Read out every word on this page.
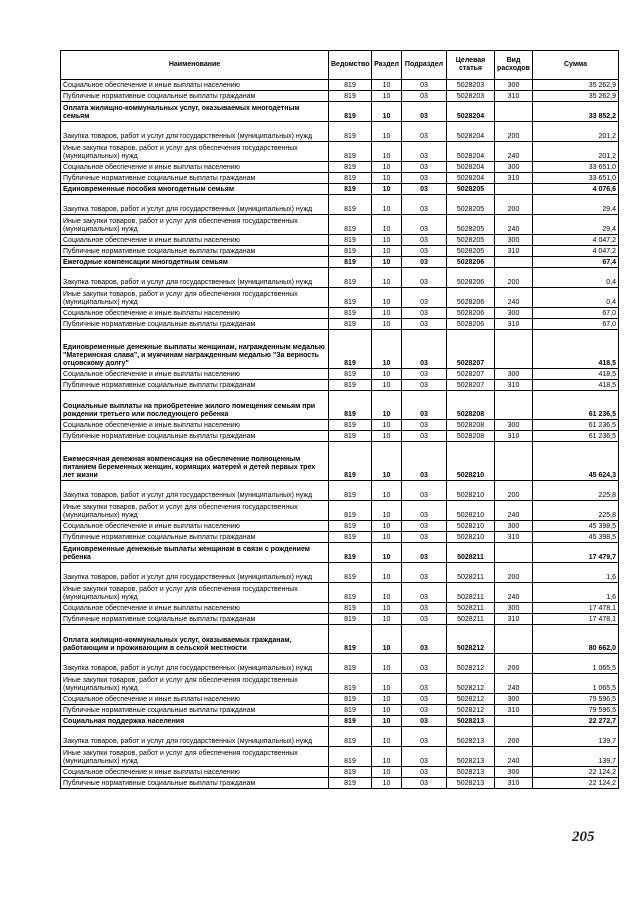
Наименование	Ведомство	Раздел	Подраздел	Целевая статья	Вид расходов	Сумма
Социальное обеспечение и иные выплаты населению	819	10	03	5028203	300	35 262,9
Публичные нормативные социальные выплаты гражданам	819	10	03	5028203	310	35 262,9
Оплата жилищно-коммунальных услуг, оказываемых многодетным семьям	819	10	03	5028204		33 852,2
Закупка товаров, работ и услуг для государственных (муниципальных) нужд	819	10	03	5028204	200	201,2
Иные закупки товаров, работ и услуг для обеспечения государственных (муниципальных) нужд	819	10	03	5028204	240	201,2
Социальное обеспечение и иные выплаты населению	819	10	03	5028204	300	33 651,0
Публичные нормативные социальные выплаты гражданам	819	10	03	5028204	310	33 651,0
Единовременные пособия многодетным семьям	819	10	03	5028205		4 076,6
Закупка товаров, работ и услуг для государственных (муниципальных) нужд	819	10	03	5028205	200	29,4
Иные закупки товаров, работ и услуг для обеспечения государственных (муниципальных) нужд	819	10	03	5028205	240	29,4
Социальное обеспечение и иные выплаты населению	819	10	03	5028205	300	4 047,2
Публичные нормативные социальные выплаты гражданам	819	10	03	5028205	310	4 047,2
Ежегодные компенсации многодетным семьям	819	10	03	5028206		67,4
Закупка товаров, работ и услуг для государственных (муниципальных) нужд	819	10	03	5028206	200	0,4
Иные закупки товаров, работ и услуг для обеспечения государственных (муниципальных) нужд	819	10	03	5028206	240	0,4
Социальное обеспечение и иные выплаты населению	819	10	03	5028206	300	67,0
Публичные нормативные социальные выплаты гражданам	819	10	03	5028206	310	67,0
Единовременные денежные выплаты женщинам, награжденным медалью "Материнская слава", и мужчинам награжденным медалью "За верность отцовскому долгу"	819	10	03	5028207		418,5
Социальное обеспечение и иные выплаты населению	819	10	03	5028207	300	418,5
Публичные нормативные социальные выплаты гражданам	819	10	03	5028207	310	418,5
Социальные выплаты на приобретение жилого помещения семьям при рождении третьего или последующего ребенка	819	10	03	5028208		61 236,5
Социальное обеспечение и иные выплаты населению	819	10	03	5028208	300	61 236,5
Публичные нормативные социальные выплаты гражданам	819	10	03	5028208	310	61 236,5
Ежемесячная денежная компенсация на обеспечение полноценным питанием беременных женщин, кормящих матерей и детей первых трех лет жизни	819	10	03	5028210		45 624,3
Закупка товаров, работ и услуг для государственных (муниципальных) нужд	819	10	03	5028210	200	225,8
Иные закупки товаров, работ и услуг для обеспечения государственных (муниципальных) нужд	819	10	03	5028210	240	225,8
Социальное обеспечение и иные выплаты населению	819	10	03	5028210	300	45 398,5
Публичные нормативные социальные выплаты гражданам	819	10	03	5028210	310	45 398,5
Единовременные денежные выплаты женщинам в связи с рождением ребенка	819	10	03	5028211		17 479,7
Закупка товаров, работ и услуг для государственных (муниципальных) нужд	819	10	03	5028211	200	1,6
Иные закупки товаров, работ и услуг для обеспечения государственных (муниципальных) нужд	819	10	03	5028211	240	1,6
Социальное обеспечение и иные выплаты населению	819	10	03	5028211	300	17 478,1
Публичные нормативные социальные выплаты гражданам	819	10	03	5028211	310	17 478,1
Оплата жилищно-коммунальных услуг, оказываемых гражданам, работающим и проживающим в сельской местности	819	10	03	5028212		80 662,0
Закупка товаров, работ и услуг для государственных (муниципальных) нужд	819	10	03	5028212	200	1 065,5
Иные закупки товаров, работ и услуг для обеспечения государственных (муниципальных) нужд	819	10	03	5028212	240	1 065,5
Социальное обеспечение и иные выплаты населению	819	10	03	5028212	300	79 596,5
Публичные нормативные социальные выплаты гражданам	819	10	03	5028212	310	79 596,5
Социальная поддержка населения	819	10	03	5028213		22 272,7
Закупка товаров, работ и услуг для государственных (муниципальных) нужд	819	10	03	5028213	200	139,7
Иные закупки товаров, работ и услуг для обеспечения государственных (муниципальных) нужд	819	10	03	5028213	240	139,7
Социальное обеспечение и иные выплаты населению	819	10	03	5028213	300	22 124,2
Публичные нормативные социальные выплаты гражданам	819	10	03	5028213	310	22 124,2
205
